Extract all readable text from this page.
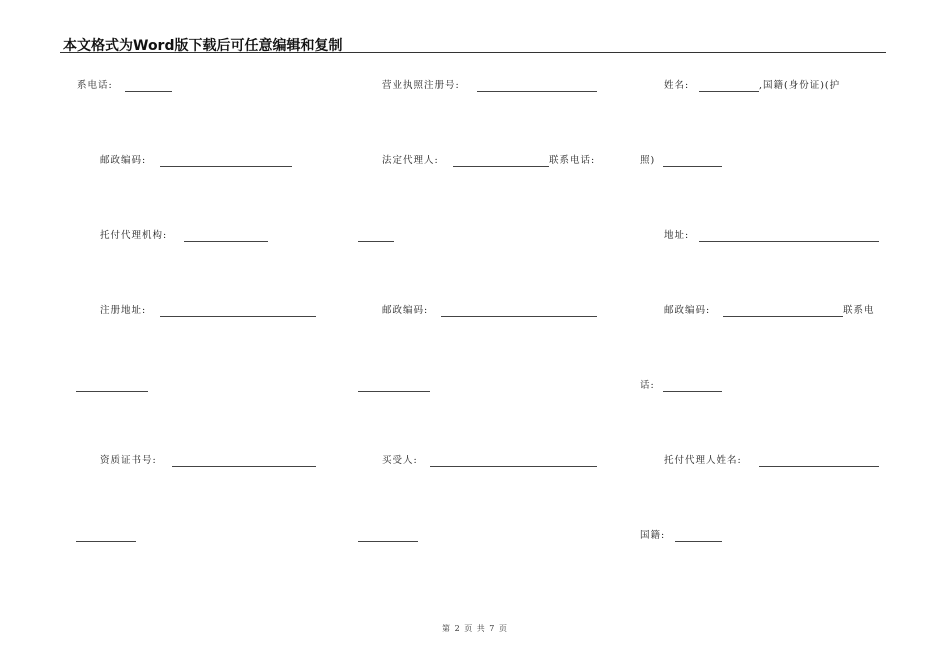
本文格式为Word版下载后可任意编辑和复制
系电话:
邮政编码:
托付代理机构:
注册地址:
资质证书号:
营业执照注册号:
法定代理人:	联系电话:
邮政编码:
买受人:
姓名:	,国籍(身份证)(护
照)
地址:
邮政编码:	联系电
话:
托付代理人姓名:
国籍:
第 2 页 共 7 页
